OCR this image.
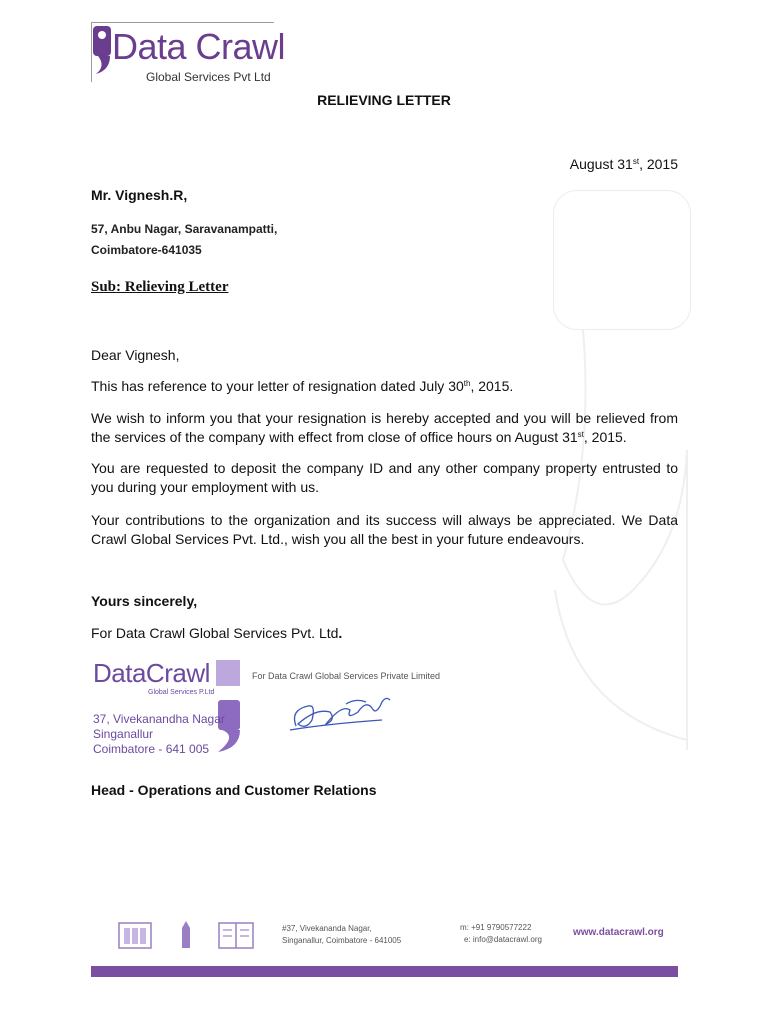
Data Crawl
Global Services Pvt Ltd
RELIEVING LETTER
August 31st, 2015
Mr. Vignesh.R,
57, Anbu Nagar, Saravanampatti,
Coimbatore-641035
Sub: Relieving Letter
Dear Vignesh,
This has reference to your letter of resignation dated July 30th, 2015.
We wish to inform you that your resignation is hereby accepted and you will be relieved from the services of the company with effect from close of office hours on August 31st, 2015.
You are requested to deposit the company ID and any other company property entrusted to you during your employment with us.
Your contributions to the organization and its success will always be appreciated. We Data Crawl Global Services Pvt. Ltd., wish you all the best in your future endeavours.
Yours sincerely,
For Data Crawl Global Services Pvt. Ltd.
DataCrawl
Global Services P.Ltd
37, Vivekanandha Nagar
Singanallur
Coimbatore - 641 005
For Data Crawl Global Services Private Limited
Head - Operations and Customer Relations
#37, Vivekananda Nagar,
Singanallur, Coimbatore - 641005
m: +91 9790577222
e: info@datacrawl.org
www.datacrawl.org
